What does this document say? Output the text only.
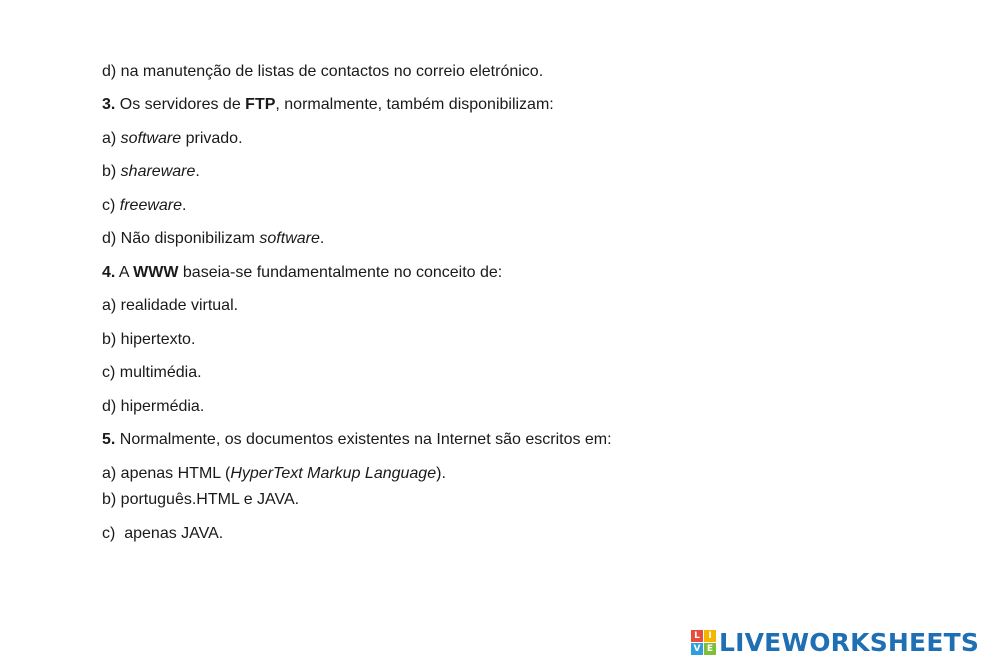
d) na manutenção de listas de contactos no correio eletrónico.
3. Os servidores de FTP, normalmente, também disponibilizam:
a) software privado.
b) shareware.
c) freeware.
d) Não disponibilizam software.
4. A WWW baseia-se fundamentalmente no conceito de:
a) realidade virtual.
b) hipertexto.
c) multimédia.
d) hipermédia.
5. Normalmente, os documentos existentes na Internet são escritos em:
a) apenas HTML (HyperText Markup Language).
b) português.HTML e JAVA.
c)  apenas JAVA.
L I
V E LIVEWORKSHEETS
